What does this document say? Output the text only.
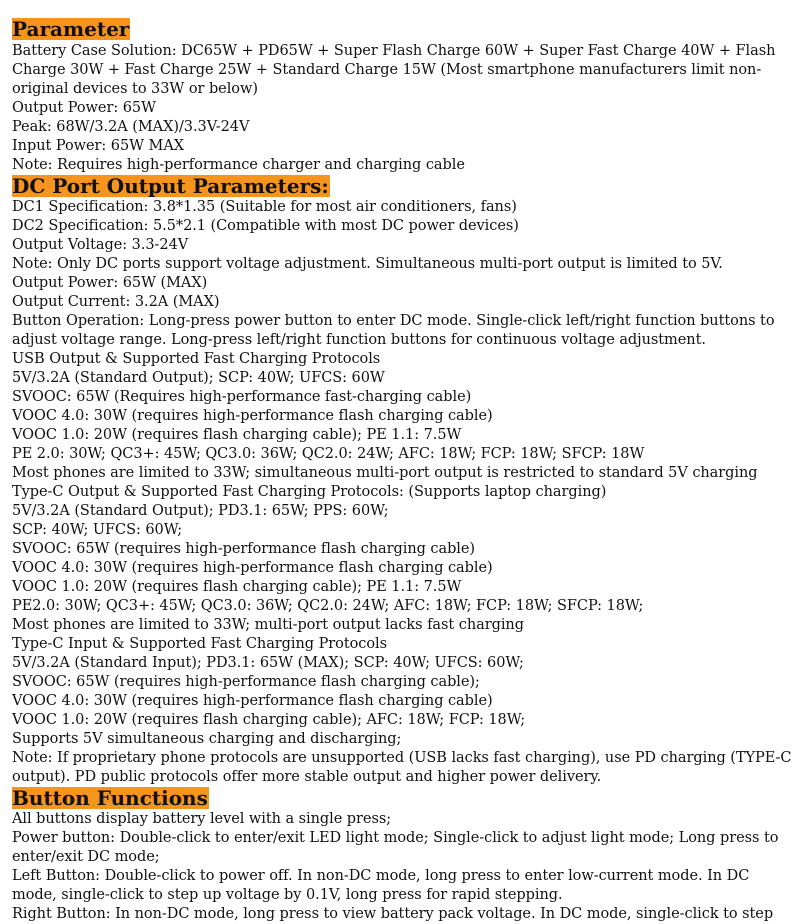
Parameter

Battery Case Solution: DC65W + PD65W + Super Flash Charge 60W + Super Fast Charge 40W + Flash

Charge 30W + Fast Charge 25W + Standard Charge 15W (Most smartphone manufacturers limit non-

original devices to 33W or below)

Output Power: 65W

Peak: 68W/3.2A (MAX)/3.3V-24V

Input Power: 65W MAX

Note: Requires high-performance charger and charging cable

DC Port Output Parameters:

DC1 Specification: 3.8*1.35 (Suitable for most air conditioners, fans)

DC2 Specification: 5.5*2.1 (Compatible with most DC power devices)

Output Voltage: 3.3-24V

Note: Only DC ports support voltage adjustment. Simultaneous multi-port output is limited to 5V.

Output Power: 65W (MAX)

Output Current: 3.2A (MAX)

Button Operation: Long-press power button to enter DC mode. Single-click left/right function buttons to

adjust voltage range. Long-press left/right function buttons for continuous voltage adjustment.

USB Output & Supported Fast Charging Protocols

5V/3.2A (Standard Output); SCP: 40W; UFCS: 60W

SVOOC: 65W (Requires high-performance fast-charging cable)

VOOC 4.0: 30W (requires high-performance flash charging cable)

VOOC 1.0: 20W (requires flash charging cable); PE 1.1: 7.5W

PE 2.0: 30W; QC3+: 45W; QC3.0: 36W; QC2.0: 24W; AFC: 18W; FCP: 18W; SFCP: 18W

Most phones are limited to 33W; simultaneous multi-port output is restricted to standard 5V charging

Type-C Output & Supported Fast Charging Protocols: (Supports laptop charging)

5V/3.2A (Standard Output); PD3.1: 65W; PPS: 60W;

SCP: 40W; UFCS: 60W;

SVOOC: 65W (requires high-performance flash charging cable)

VOOC 4.0: 30W (requires high-performance flash charging cable)

VOOC 1.0: 20W (requires flash charging cable); PE 1.1: 7.5W

PE2.0: 30W; QC3+: 45W; QC3.0: 36W; QC2.0: 24W; AFC: 18W; FCP: 18W; SFCP: 18W;

Most phones are limited to 33W; multi-port output lacks fast charging

Type-C Input & Supported Fast Charging Protocols

5V/3.2A (Standard Input); PD3.1: 65W (MAX); SCP: 40W; UFCS: 60W;

SVOOC: 65W (requires high-performance flash charging cable);

VOOC 4.0: 30W (requires high-performance flash charging cable)

VOOC 1.0: 20W (requires flash charging cable); AFC: 18W; FCP: 18W;

Supports 5V simultaneous charging and discharging;

Note: If proprietary phone protocols are unsupported (USB lacks fast charging), use PD charging (TYPE-C

output). PD public protocols offer more stable output and higher power delivery.

Button Functions

All buttons display battery level with a single press;

Power button: Double-click to enter/exit LED light mode; Single-click to adjust light mode; Long press to

enter/exit DC mode;

Left Button: Double-click to power off. In non-DC mode, long press to enter low-current mode. In DC

mode, single-click to step up voltage by 0.1V, long press for rapid stepping.

Right Button: In non-DC mode, long press to view battery pack voltage. In DC mode, single-click to step
